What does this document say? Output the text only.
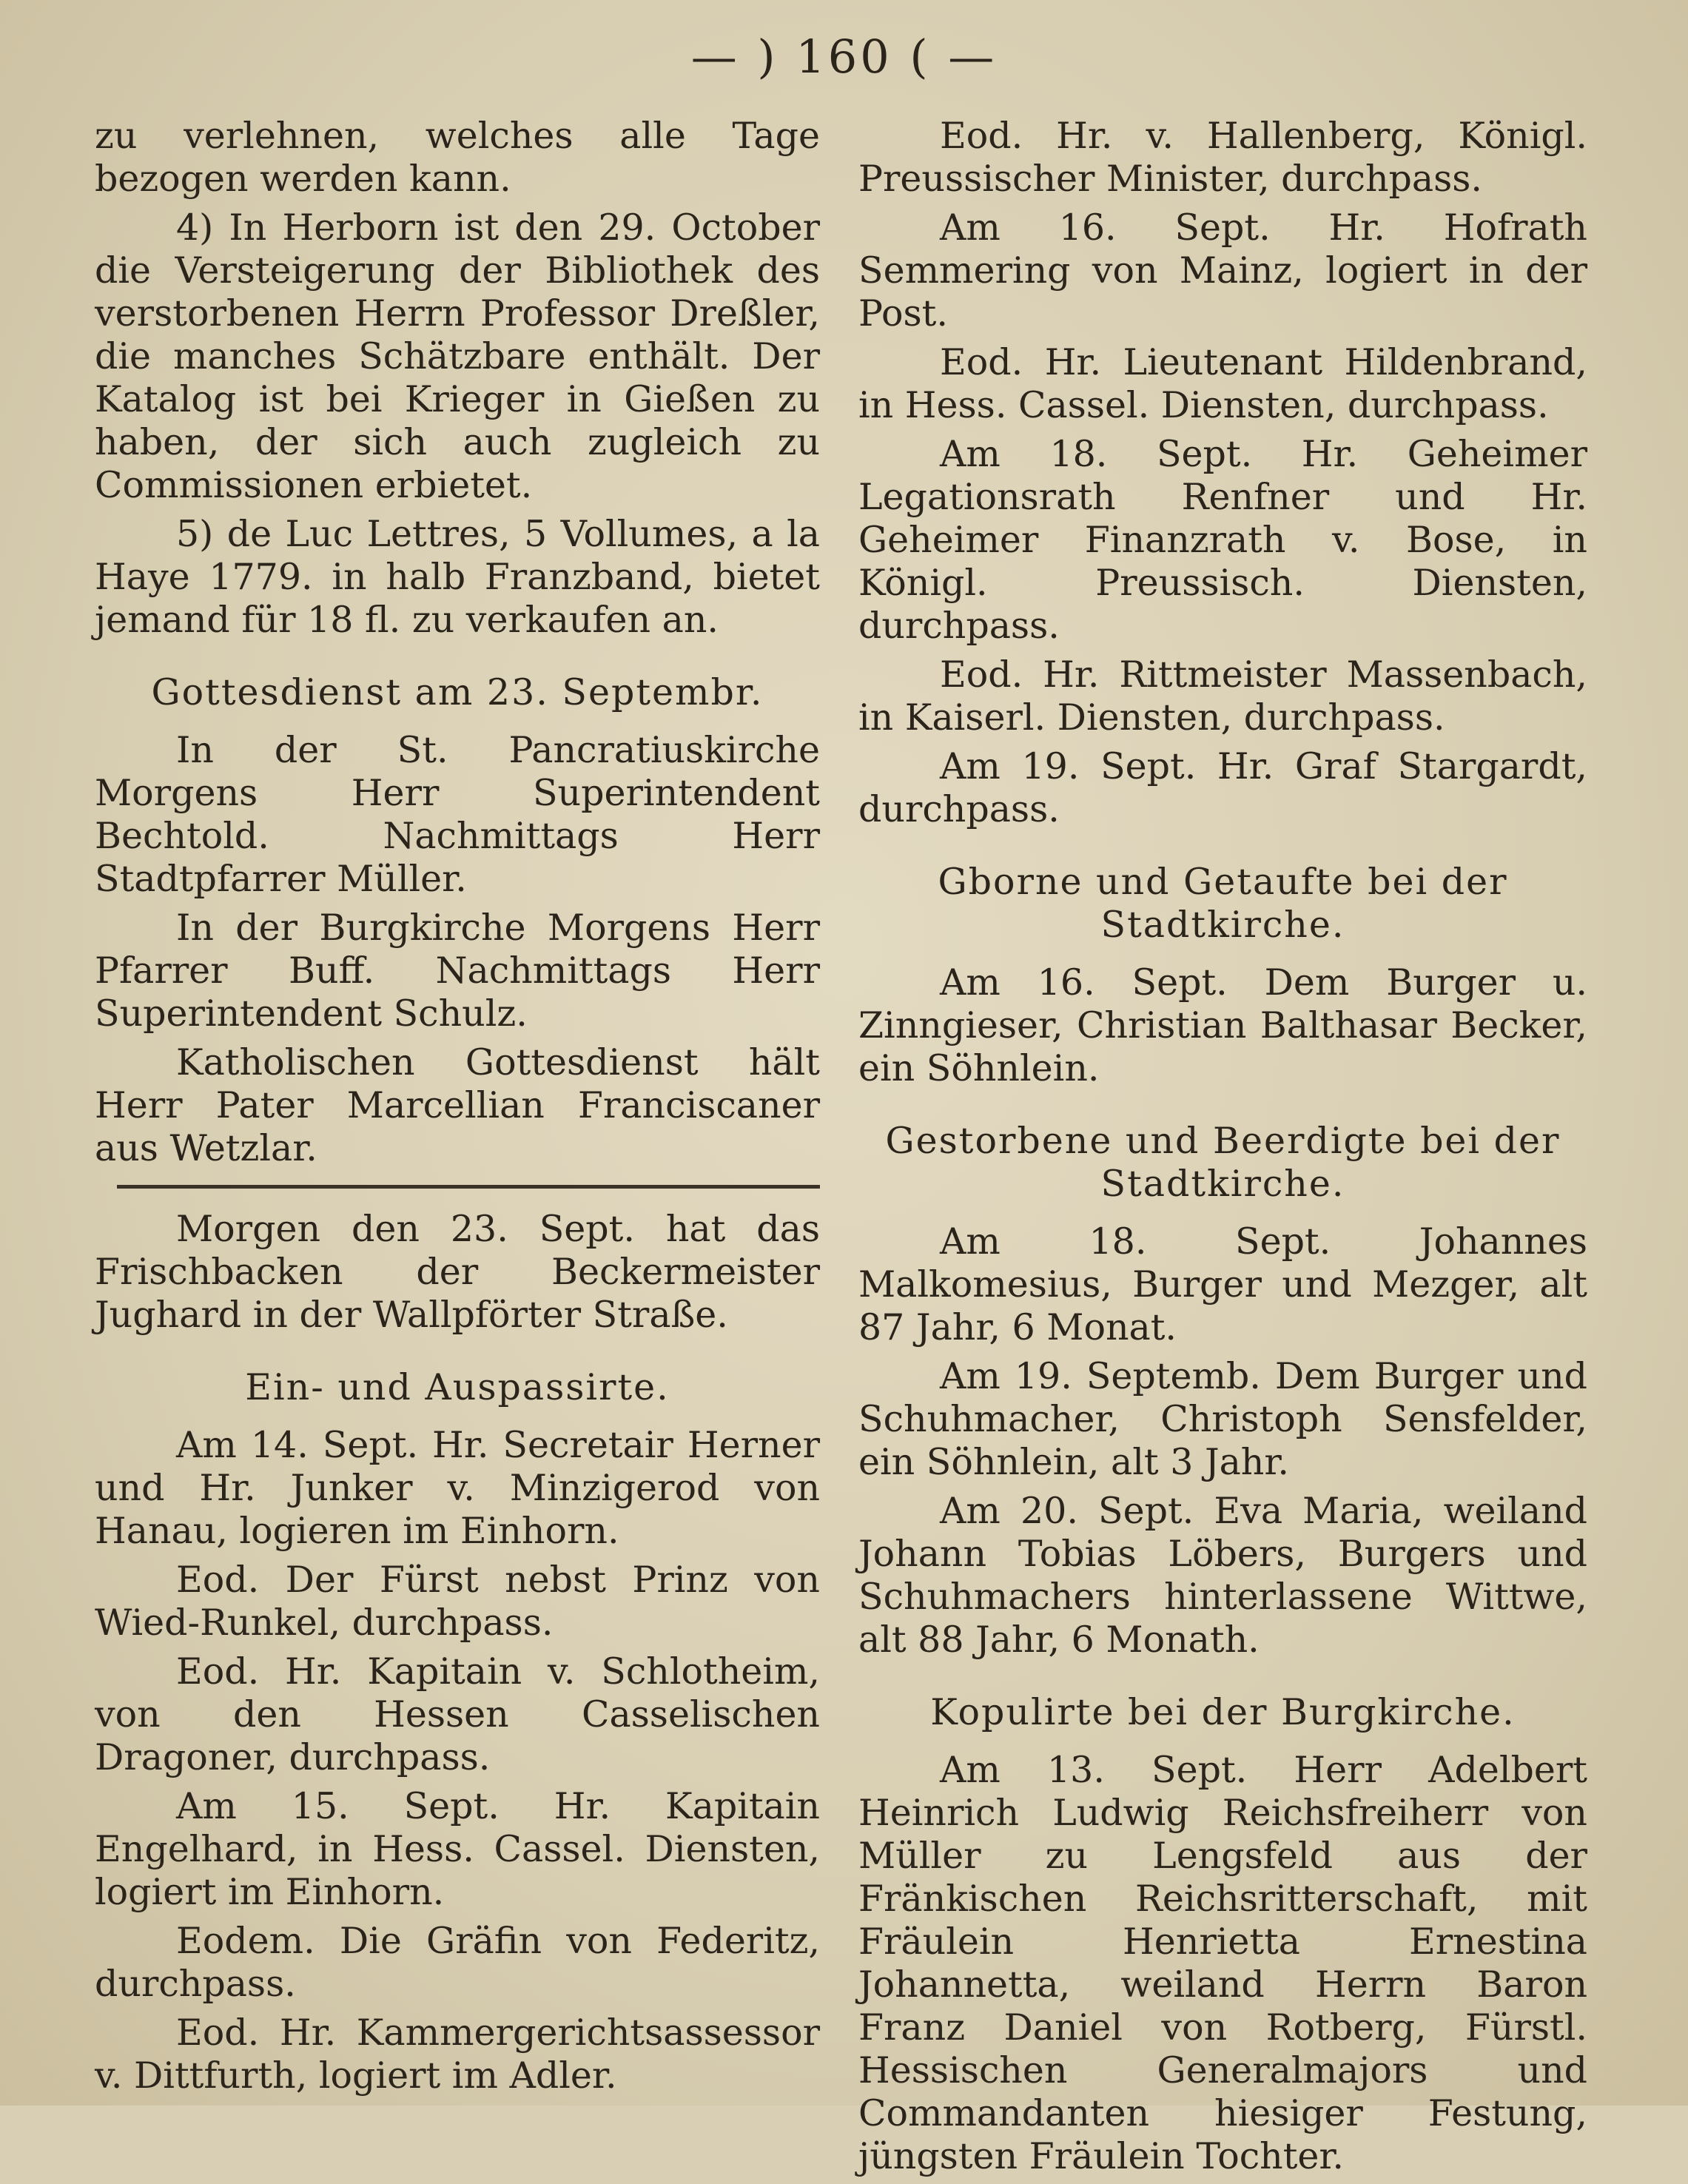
— ) 160 ( —

zu verlehnen, welches alle Tage bezogen werden kann.

4) In Herborn ist den 29. October die Versteigerung der Bibliothek des verstorbenen Herrn Professor Dreßler, die manches Schätzbare enthält. Der Katalog ist bei Krieger in Gießen zu haben, der sich auch zugleich zu Commissionen erbietet.

5) de Luc Lettres, 5 Vollumes, a la Haye 1779. in halb Franzband, bietet jemand für 18 fl. zu verkaufen an.

Gottesdienst am 23. Septembr.

In der St. Pancratiuskirche Morgens Herr Superintendent Bechtold. Nachmittags Herr Stadtpfarrer Müller.

In der Burgkirche Morgens Herr Pfarrer Buff. Nachmittags Herr Superintendent Schulz.

Katholischen Gottesdienst hält Herr Pater Marcellian Franciscaner aus Wetzlar.

Morgen den 23. Sept. hat das Frischbacken der Beckermeister Jughard in der Wallpförter Straße.

Ein- und Auspassirte.

Am 14. Sept. Hr. Secretair Herner und Hr. Junker v. Minzigerod von Hanau, logieren im Einhorn.

Eod. Der Fürst nebst Prinz von Wied-Runkel, durchpass.

Eod. Hr. Kapitain v. Schlotheim, von den Hessen Casselischen Dragoner, durchpass.

Am 15. Sept. Hr. Kapitain Engelhard, in Hess. Cassel. Diensten, logiert im Einhorn.

Eodem. Die Gräfin von Federitz, durchpass.

Eod. Hr. Kammergerichtsassessor v. Dittfurth, logiert im Adler.

Eod. Hr. v. Hallenberg, Königl. Preussischer Minister, durchpass.

Am 16. Sept. Hr. Hofrath Semmering von Mainz, logiert in der Post.

Eod. Hr. Lieutenant Hildenbrand, in Hess. Cassel. Diensten, durchpass.

Am 18. Sept. Hr. Geheimer Legationsrath Renfner und Hr. Geheimer Finanzrath v. Bose, in Königl. Preussisch. Diensten, durchpass.

Eod. Hr. Rittmeister Massenbach, in Kaiserl. Diensten, durchpass.

Am 19. Sept. Hr. Graf Stargardt, durchpass.

Gborne und Getaufte bei der Stadtkirche.

Am 16. Sept. Dem Burger u. Zinngieser, Christian Balthasar Becker, ein Söhnlein.

Gestorbene und Beerdigte bei der Stadtkirche.

Am 18. Sept. Johannes Malkomesius, Burger und Mezger, alt 87 Jahr, 6 Monat.

Am 19. Septemb. Dem Burger und Schuhmacher, Christoph Sensfelder, ein Söhnlein, alt 3 Jahr.

Am 20. Sept. Eva Maria, weiland Johann Tobias Löbers, Burgers und Schuhmachers hinterlassene Wittwe, alt 88 Jahr, 6 Monath.

Kopulirte bei der Burgkirche.

Am 13. Sept. Herr Adelbert Heinrich Ludwig Reichsfreiherr von Müller zu Lengsfeld aus der Fränkischen Reichsritterschaft, mit Fräulein Henrietta Ernestina Johannetta, weiland Herrn Baron Franz Daniel von Rotberg, Fürstl. Hessischen Generalmajors und Commandanten hiesiger Festung, jüngsten Fräulein Tochter.
